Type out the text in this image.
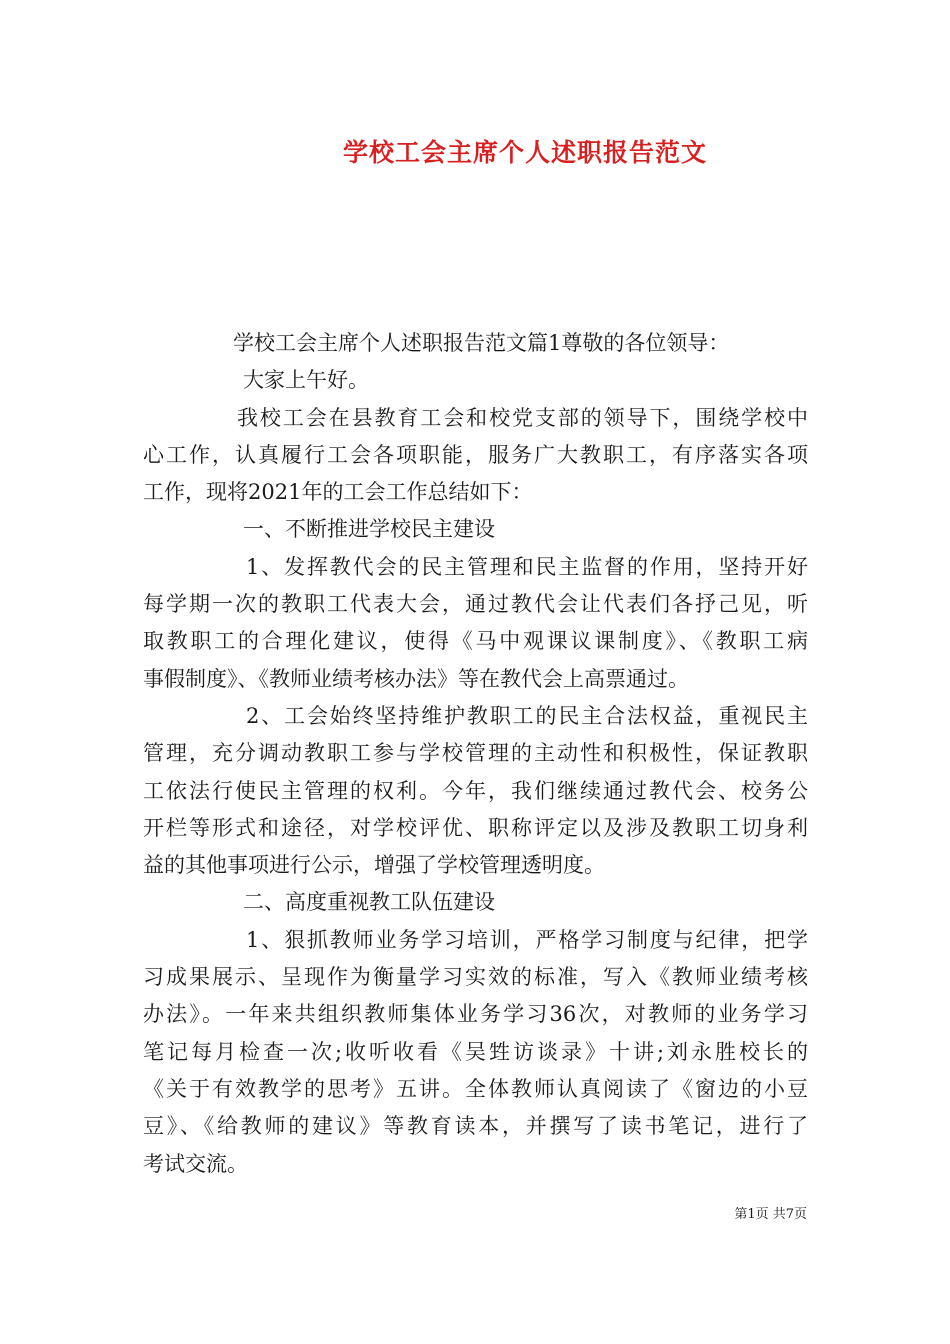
学校工会主席个人述职报告范文
学校工会主席个人述职报告范文篇1尊敬的各位领导：
大家上午好。
我校工会在县教育工会和校党支部的领导下，围绕学校中
心工作，认真履行工会各项职能，服务广大教职工，有序落实各项
工作，现将2021年的工会工作总结如下：
一、不断推进学校民主建设
1、发挥教代会的民主管理和民主监督的作用，坚持开好
每学期一次的教职工代表大会，通过教代会让代表们各抒己见，听
取教职工的合理化建议，使得《马中观课议课制度》、《教职工病
事假制度》、《教师业绩考核办法》等在教代会上高票通过。
2、工会始终坚持维护教职工的民主合法权益，重视民主
管理，充分调动教职工参与学校管理的主动性和积极性，保证教职
工依法行使民主管理的权利。今年，我们继续通过教代会、校务公
开栏等形式和途径，对学校评优、职称评定以及涉及教职工切身利
益的其他事项进行公示，增强了学校管理透明度。
二、高度重视教工队伍建设
1、狠抓教师业务学习培训，严格学习制度与纪律，把学
习成果展示、呈现作为衡量学习实效的标准，写入《教师业绩考核
办法》。一年来共组织教师集体业务学习36次，对教师的业务学习
笔记每月检查一次;收听收看《吴甡访谈录》十讲;刘永胜校长的
《关于有效教学的思考》五讲。全体教师认真阅读了《窗边的小豆
豆》、《给教师的建议》等教育读本，并撰写了读书笔记，进行了
考试交流。
第1页 共7页
